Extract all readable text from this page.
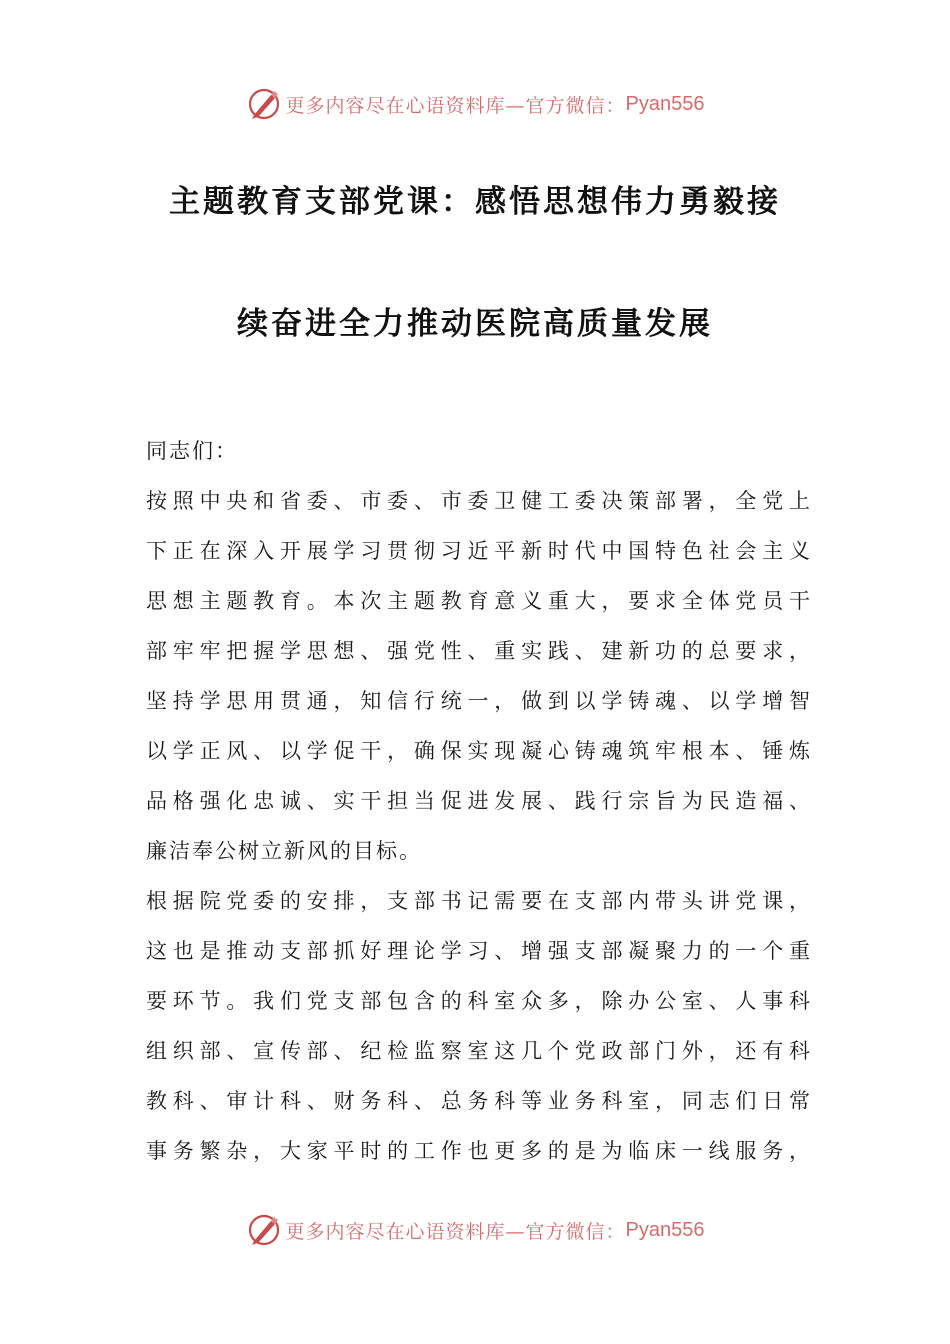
更多内容尽在心语资料库—官方微信： Pyan556
主题教育支部党课：感悟思想伟力勇毅接
续奋进全力推动医院高质量发展
同志们：
按照中央和省委、市委、市委卫健工委决策部署，全党上
下正在深入开展学习贯彻习近平新时代中国特色社会主义
思想主题教育。本次主题教育意义重大，要求全体党员干
部牢牢把握学思想、强党性、重实践、建新功的总要求，
坚持学思用贯通，知信行统一，做到以学铸魂、以学增智
以学正风、以学促干，确保实现凝心铸魂筑牢根本、锤炼
品格强化忠诚、实干担当促进发展、践行宗旨为民造福、
廉洁奉公树立新风的目标。
根据院党委的安排，支部书记需要在支部内带头讲党课，
这也是推动支部抓好理论学习、增强支部凝聚力的一个重
要环节。我们党支部包含的科室众多，除办公室、人事科
组织部、宣传部、纪检监察室这几个党政部门外，还有科
教科、审计科、财务科、总务科等业务科室，同志们日常
事务繁杂，大家平时的工作也更多的是为临床一线服务，
更多内容尽在心语资料库—官方微信： Pyan556
